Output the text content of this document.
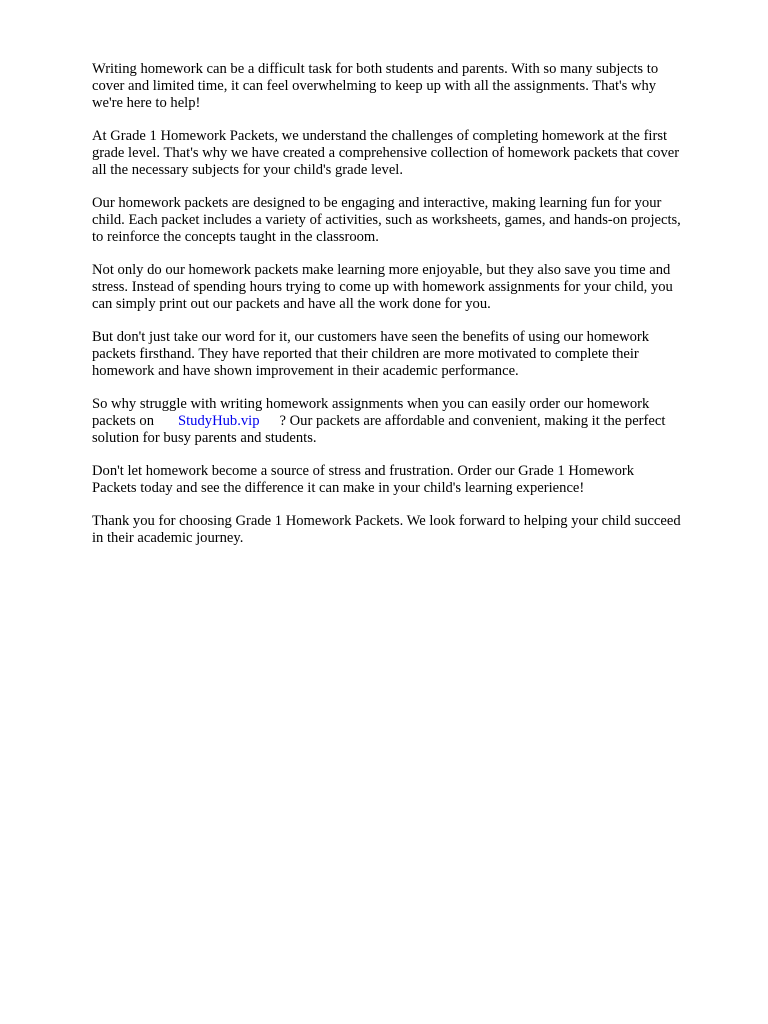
Writing homework can be a difficult task for both students and parents. With so many subjects to
cover and limited time, it can feel overwhelming to keep up with all the assignments. That's why
we're here to help!

At Grade 1 Homework Packets, we understand the challenges of completing homework at the first
grade level. That's why we have created a comprehensive collection of homework packets that cover
all the necessary subjects for your child's grade level.

Our homework packets are designed to be engaging and interactive, making learning fun for your
child. Each packet includes a variety of activities, such as worksheets, games, and hands-on projects,
to reinforce the concepts taught in the classroom.

Not only do our homework packets make learning more enjoyable, but they also save you time and
stress. Instead of spending hours trying to come up with homework assignments for your child, you
can simply print out our packets and have all the work done for you.

But don't just take our word for it, our customers have seen the benefits of using our homework
packets firsthand. They have reported that their children are more motivated to complete their
homework and have shown improvement in their academic performance.

So why struggle with writing homework assignments when you can easily order our homework
packets on StudyHub.vip ? Our packets are affordable and convenient, making it the perfect
solution for busy parents and students.

Don't let homework become a source of stress and frustration. Order our Grade 1 Homework
Packets today and see the difference it can make in your child's learning experience!

Thank you for choosing Grade 1 Homework Packets. We look forward to helping your child succeed
in their academic journey.
